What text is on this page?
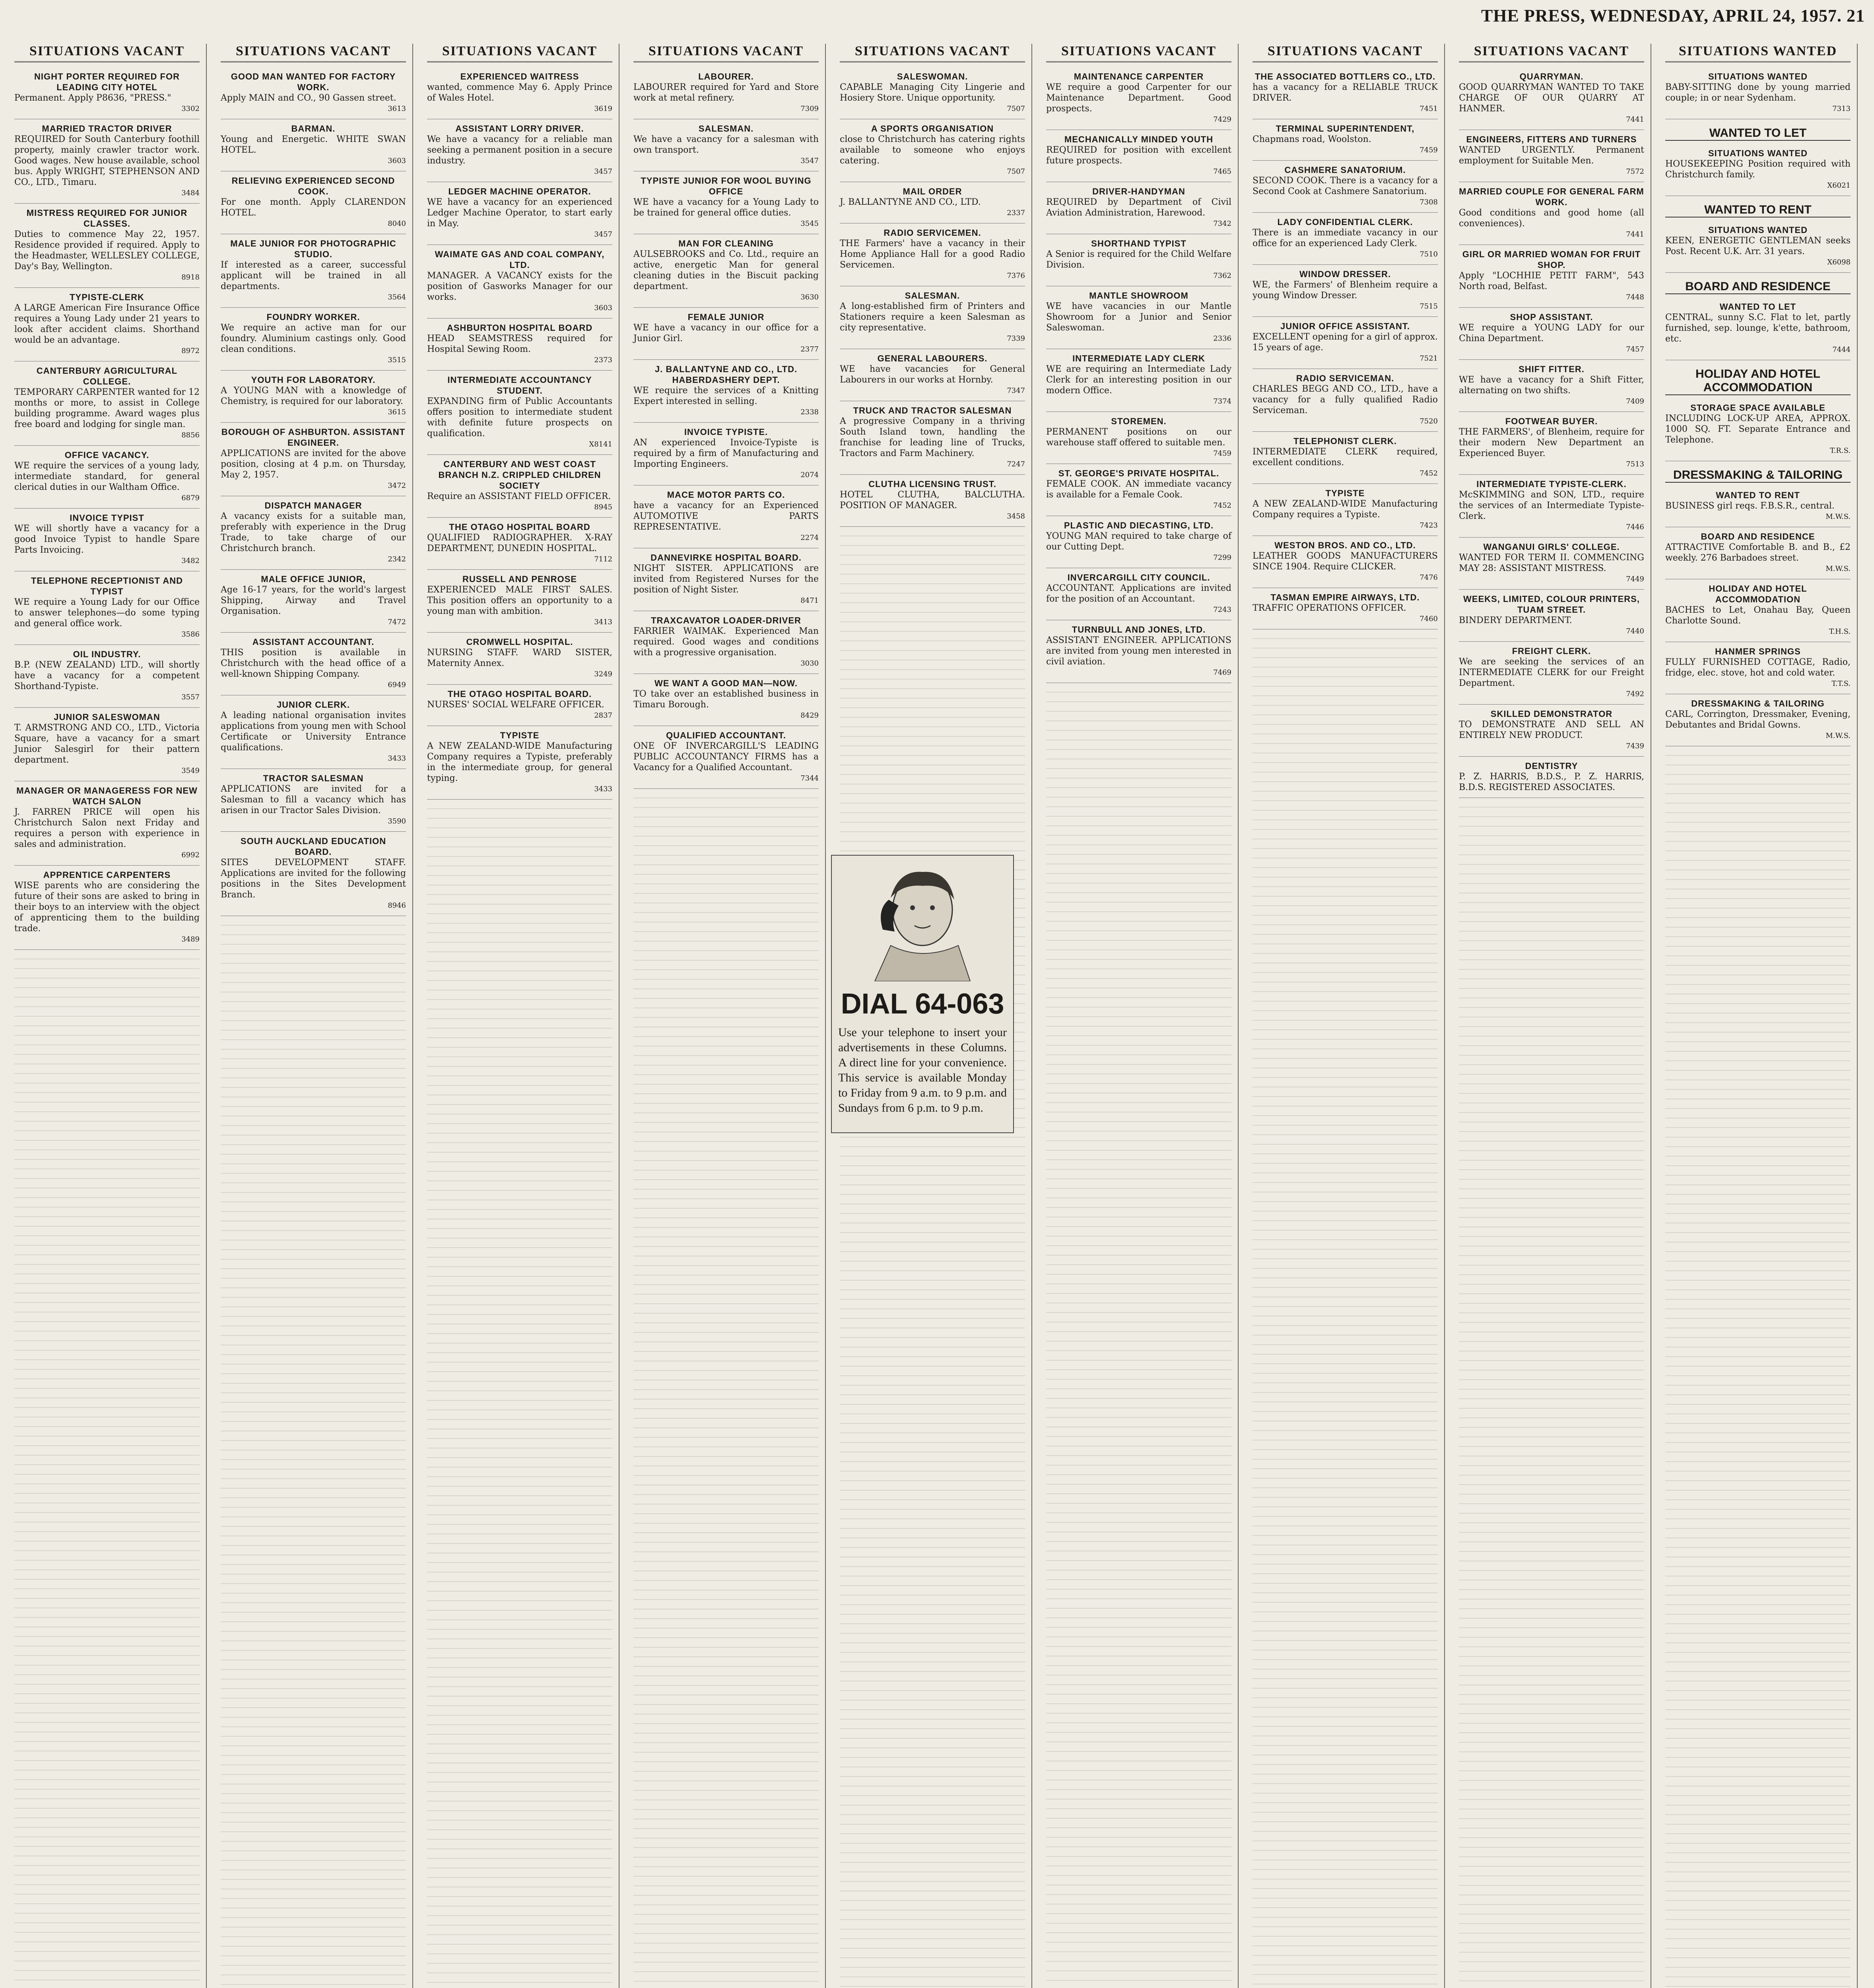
THE PRESS, WEDNESDAY, APRIL 24, 1957. 21
SITUATIONS VACANT
NIGHT PORTER REQUIRED FOR LEADING CITY HOTEL
Permanent. Apply P8636, "PRESS."
3302
MARRIED TRACTOR DRIVER
REQUIRED for South Canterbury foothill property, mainly crawler tractor work. Good wages. New house available, school bus. Apply WRIGHT, STEPHENSON AND CO., LTD., Timaru.
3484
MISTRESS REQUIRED FOR JUNIOR CLASSES.
Duties to commence May 22, 1957. Residence provided if required. Apply to the Headmaster, WELLESLEY COLLEGE, Day's Bay, Wellington.
8918
TYPISTE-CLERK
A LARGE American Fire Insurance Office requires a Young Lady under 21 years to look after accident claims. Shorthand would be an advantage.
8972
CANTERBURY AGRICULTURAL COLLEGE.
TEMPORARY CARPENTER wanted for 12 months or more, to assist in College building programme. Award wages plus free board and lodging for single man.
8856
OFFICE VACANCY.
WE require the services of a young lady, intermediate standard, for general clerical duties in our Waltham Office.
6879
INVOICE TYPIST
WE will shortly have a vacancy for a good Invoice Typist to handle Spare Parts Invoicing.
3482
TELEPHONE RECEPTIONIST AND TYPIST
WE require a Young Lady for our Office to answer telephones—do some typing and general office work.
3586
OIL INDUSTRY.
B.P. (NEW ZEALAND) LTD., will shortly have a vacancy for a competent Shorthand-Typiste.
3557
JUNIOR SALESWOMAN
T. ARMSTRONG AND CO., LTD., Victoria Square, have a vacancy for a smart Junior Salesgirl for their pattern department.
3549
MANAGER OR MANAGERESS FOR NEW WATCH SALON
J. FARREN PRICE will open his Christchurch Salon next Friday and requires a person with experience in sales and administration.
6992
APPRENTICE CARPENTERS
WISE parents who are considering the future of their sons are asked to bring in their boys to an interview with the object of apprenticing them to the building trade.
3489
SITUATIONS VACANT
GOOD MAN WANTED FOR FACTORY WORK.
Apply MAIN and CO., 90 Gassen street.
3613
BARMAN.
Young and Energetic. WHITE SWAN HOTEL.
3603
RELIEVING EXPERIENCED SECOND COOK.
For one month. Apply CLARENDON HOTEL.
8040
MALE JUNIOR FOR PHOTOGRAPHIC STUDIO.
If interested as a career, successful applicant will be trained in all departments.
3564
FOUNDRY WORKER.
We require an active man for our foundry. Aluminium castings only. Good clean conditions.
3515
YOUTH FOR LABORATORY.
A YOUNG MAN with a knowledge of Chemistry, is required for our laboratory.
3615
BOROUGH OF ASHBURTON. ASSISTANT ENGINEER.
APPLICATIONS are invited for the above position, closing at 4 p.m. on Thursday, May 2, 1957.
3472
DISPATCH MANAGER
A vacancy exists for a suitable man, preferably with experience in the Drug Trade, to take charge of our Christchurch branch.
2342
MALE OFFICE JUNIOR,
Age 16-17 years, for the world's largest Shipping, Airway and Travel Organisation.
7472
ASSISTANT ACCOUNTANT.
THIS position is available in Christchurch with the head office of a well-known Shipping Company.
6949
JUNIOR CLERK.
A leading national organisation invites applications from young men with School Certificate or University Entrance qualifications.
3433
TRACTOR SALESMAN
APPLICATIONS are invited for a Salesman to fill a vacancy which has arisen in our Tractor Sales Division.
3590
SOUTH AUCKLAND EDUCATION BOARD.
SITES DEVELOPMENT STAFF. Applications are invited for the following positions in the Sites Development Branch.
8946
SITUATIONS VACANT
EXPERIENCED WAITRESS
wanted, commence May 6. Apply Prince of Wales Hotel.
3619
ASSISTANT LORRY DRIVER.
We have a vacancy for a reliable man seeking a permanent position in a secure industry.
3457
LEDGER MACHINE OPERATOR.
WE have a vacancy for an experienced Ledger Machine Operator, to start early in May.
3457
WAIMATE GAS AND COAL COMPANY, LTD.
MANAGER. A VACANCY exists for the position of Gasworks Manager for our works.
3603
ASHBURTON HOSPITAL BOARD
HEAD SEAMSTRESS required for Hospital Sewing Room.
2373
INTERMEDIATE ACCOUNTANCY STUDENT.
EXPANDING firm of Public Accountants offers position to intermediate student with definite future prospects on qualification.
X8141
CANTERBURY AND WEST COAST BRANCH N.Z. CRIPPLED CHILDREN SOCIETY
Require an ASSISTANT FIELD OFFICER.
8945
THE OTAGO HOSPITAL BOARD
QUALIFIED RADIOGRAPHER. X-RAY DEPARTMENT, DUNEDIN HOSPITAL.
7112
RUSSELL AND PENROSE
EXPERIENCED MALE FIRST SALES. This position offers an opportunity to a young man with ambition.
3413
CROMWELL HOSPITAL.
NURSING STAFF. WARD SISTER, Maternity Annex.
3249
THE OTAGO HOSPITAL BOARD.
NURSES' SOCIAL WELFARE OFFICER.
2837
TYPISTE
A NEW ZEALAND-WIDE Manufacturing Company requires a Typiste, preferably in the intermediate group, for general typing.
3433
SITUATIONS VACANT
LABOURER.
LABOURER required for Yard and Store work at metal refinery.
7309
SALESMAN.
We have a vacancy for a salesman with own transport.
3547
TYPISTE JUNIOR FOR WOOL BUYING OFFICE
WE have a vacancy for a Young Lady to be trained for general office duties.
3545
MAN FOR CLEANING
AULSEBROOKS and Co. Ltd., require an active, energetic Man for general cleaning duties in the Biscuit packing department.
3630
FEMALE JUNIOR
WE have a vacancy in our office for a Junior Girl.
2377
J. BALLANTYNE AND CO., LTD. HABERDASHERY DEPT.
WE require the services of a Knitting Expert interested in selling.
2338
INVOICE TYPISTE.
AN experienced Invoice-Typiste is required by a firm of Manufacturing and Importing Engineers.
2074
MACE MOTOR PARTS CO.
have a vacancy for an Experienced AUTOMOTIVE PARTS REPRESENTATIVE.
2274
DANNEVIRKE HOSPITAL BOARD.
NIGHT SISTER. APPLICATIONS are invited from Registered Nurses for the position of Night Sister.
8471
TRAXCAVATOR LOADER-DRIVER
FARRIER WAIMAK. Experienced Man required. Good wages and conditions with a progressive organisation.
3030
WE WANT A GOOD MAN—NOW.
TO take over an established business in Timaru Borough.
8429
QUALIFIED ACCOUNTANT.
ONE OF INVERCARGILL'S LEADING PUBLIC ACCOUNTANCY FIRMS has a Vacancy for a Qualified Accountant.
7344
SITUATIONS VACANT
SALESWOMAN.
CAPABLE Managing City Lingerie and Hosiery Store. Unique opportunity.
7507
A SPORTS ORGANISATION
close to Christchurch has catering rights available to someone who enjoys catering.
7507
MAIL ORDER
J. BALLANTYNE AND CO., LTD.
2337
RADIO SERVICEMEN.
THE Farmers' have a vacancy in their Home Appliance Hall for a good Radio Servicemen.
7376
SALESMAN.
A long-established firm of Printers and Stationers require a keen Salesman as city representative.
7339
GENERAL LABOURERS.
WE have vacancies for General Labourers in our works at Hornby.
7347
TRUCK AND TRACTOR SALESMAN
A progressive Company in a thriving South Island town, handling the franchise for leading line of Trucks, Tractors and Farm Machinery.
7247
CLUTHA LICENSING TRUST.
HOTEL CLUTHA, BALCLUTHA. POSITION OF MANAGER.
3458
SITUATIONS VACANT
MAINTENANCE CARPENTER
WE require a good Carpenter for our Maintenance Department. Good prospects.
7429
MECHANICALLY MINDED YOUTH
REQUIRED for position with excellent future prospects.
7465
DRIVER-HANDYMAN
REQUIRED by Department of Civil Aviation Administration, Harewood.
7342
SHORTHAND TYPIST
A Senior is required for the Child Welfare Division.
7362
MANTLE SHOWROOM
WE have vacancies in our Mantle Showroom for a Junior and Senior Saleswoman.
2336
INTERMEDIATE LADY CLERK
WE are requiring an Intermediate Lady Clerk for an interesting position in our modern Office.
7374
STOREMEN.
PERMANENT positions on our warehouse staff offered to suitable men.
7459
ST. GEORGE'S PRIVATE HOSPITAL.
FEMALE COOK. AN immediate vacancy is available for a Female Cook.
7452
PLASTIC AND DIECASTING, LTD.
YOUNG MAN required to take charge of our Cutting Dept.
7299
INVERCARGILL CITY COUNCIL.
ACCOUNTANT. Applications are invited for the position of an Accountant.
7243
TURNBULL AND JONES, LTD.
ASSISTANT ENGINEER. APPLICATIONS are invited from young men interested in civil aviation.
7469
SITUATIONS VACANT
THE ASSOCIATED BOTTLERS CO., LTD.
has a vacancy for a RELIABLE TRUCK DRIVER.
7451
TERMINAL SUPERINTENDENT,
Chapmans road, Woolston.
7459
CASHMERE SANATORIUM.
SECOND COOK. There is a vacancy for a Second Cook at Cashmere Sanatorium.
7308
LADY CONFIDENTIAL CLERK.
There is an immediate vacancy in our office for an experienced Lady Clerk.
7510
WINDOW DRESSER.
WE, the Farmers' of Blenheim require a young Window Dresser.
7515
JUNIOR OFFICE ASSISTANT.
EXCELLENT opening for a girl of approx. 15 years of age.
7521
RADIO SERVICEMAN.
CHARLES BEGG AND CO., LTD., have a vacancy for a fully qualified Radio Serviceman.
7520
TELEPHONIST CLERK.
INTERMEDIATE CLERK required, excellent conditions.
7452
TYPISTE
A NEW ZEALAND-WIDE Manufacturing Company requires a Typiste.
7423
WESTON BROS. AND CO., LTD.
LEATHER GOODS MANUFACTURERS SINCE 1904. Require CLICKER.
7476
TASMAN EMPIRE AIRWAYS, LTD.
TRAFFIC OPERATIONS OFFICER.
7460
SITUATIONS VACANT
QUARRYMAN.
GOOD QUARRYMAN WANTED TO TAKE CHARGE OF OUR QUARRY AT HANMER.
7441
ENGINEERS, FITTERS AND TURNERS
WANTED URGENTLY. Permanent employment for Suitable Men.
7572
MARRIED COUPLE FOR GENERAL FARM WORK.
Good conditions and good home (all conveniences).
7441
GIRL OR MARRIED WOMAN FOR FRUIT SHOP.
Apply "LOCHHIE PETIT FARM", 543 North road, Belfast.
7448
SHOP ASSISTANT.
WE require a YOUNG LADY for our China Department.
7457
SHIFT FITTER.
WE have a vacancy for a Shift Fitter, alternating on two shifts.
7409
FOOTWEAR BUYER.
THE FARMERS', of Blenheim, require for their modern New Department an Experienced Buyer.
7513
INTERMEDIATE TYPISTE-CLERK.
McSKIMMING and SON, LTD., require the services of an Intermediate Typiste-Clerk.
7446
WANGANUI GIRLS' COLLEGE.
WANTED FOR TERM II. COMMENCING MAY 28: ASSISTANT MISTRESS.
7449
WEEKS, LIMITED, COLOUR PRINTERS, TUAM STREET.
BINDERY DEPARTMENT.
7440
FREIGHT CLERK.
We are seeking the services of an INTERMEDIATE CLERK for our Freight Department.
7492
SKILLED DEMONSTRATOR
TO DEMONSTRATE AND SELL AN ENTIRELY NEW PRODUCT.
7439
DENTISTRY
P. Z. HARRIS, B.D.S., P. Z. HARRIS, B.D.S. REGISTERED ASSOCIATES.
SITUATIONS WANTED
SITUATIONS WANTED
BABY-SITTING done by young married couple; in or near Sydenham.
7313
WANTED TO LET
SITUATIONS WANTED
HOUSEKEEPING Position required with Christchurch family.
X6021
WANTED TO RENT
SITUATIONS WANTED
KEEN, ENERGETIC GENTLEMAN seeks Post. Recent U.K. Arr. 31 years.
X6098
BOARD AND RESIDENCE
WANTED TO LET
CENTRAL, sunny S.C. Flat to let, partly furnished, sep. lounge, k'ette, bathroom, etc.
7444
HOLIDAY AND HOTEL ACCOMMODATION
STORAGE SPACE AVAILABLE
INCLUDING LOCK-UP AREA, APPROX. 1000 SQ. FT. Separate Entrance and Telephone.
T.R.S.
DRESSMAKING & TAILORING
WANTED TO RENT
BUSINESS girl reqs. F.B.S.R., central.
M.W.S.
BOARD AND RESIDENCE
ATTRACTIVE Comfortable B. and B., £2 weekly. 276 Barbadoes street.
M.W.S.
HOLIDAY AND HOTEL ACCOMMODATION
BACHES to Let, Onahau Bay, Queen Charlotte Sound.
T.H.S.
HANMER SPRINGS
FULLY FURNISHED COTTAGE, Radio, fridge, elec. stove, hot and cold water.
T.T.S.
DRESSMAKING & TAILORING
CARL, Corrington, Dressmaker, Evening, Debutantes and Bridal Gowns.
M.W.S.
DIAL 64-063
Use your telephone to insert your advertisements in these Columns. A direct line for your convenience. This service is available Monday to Friday from 9 a.m. to 9 p.m. and Sundays from 6 p.m. to 9 p.m.
